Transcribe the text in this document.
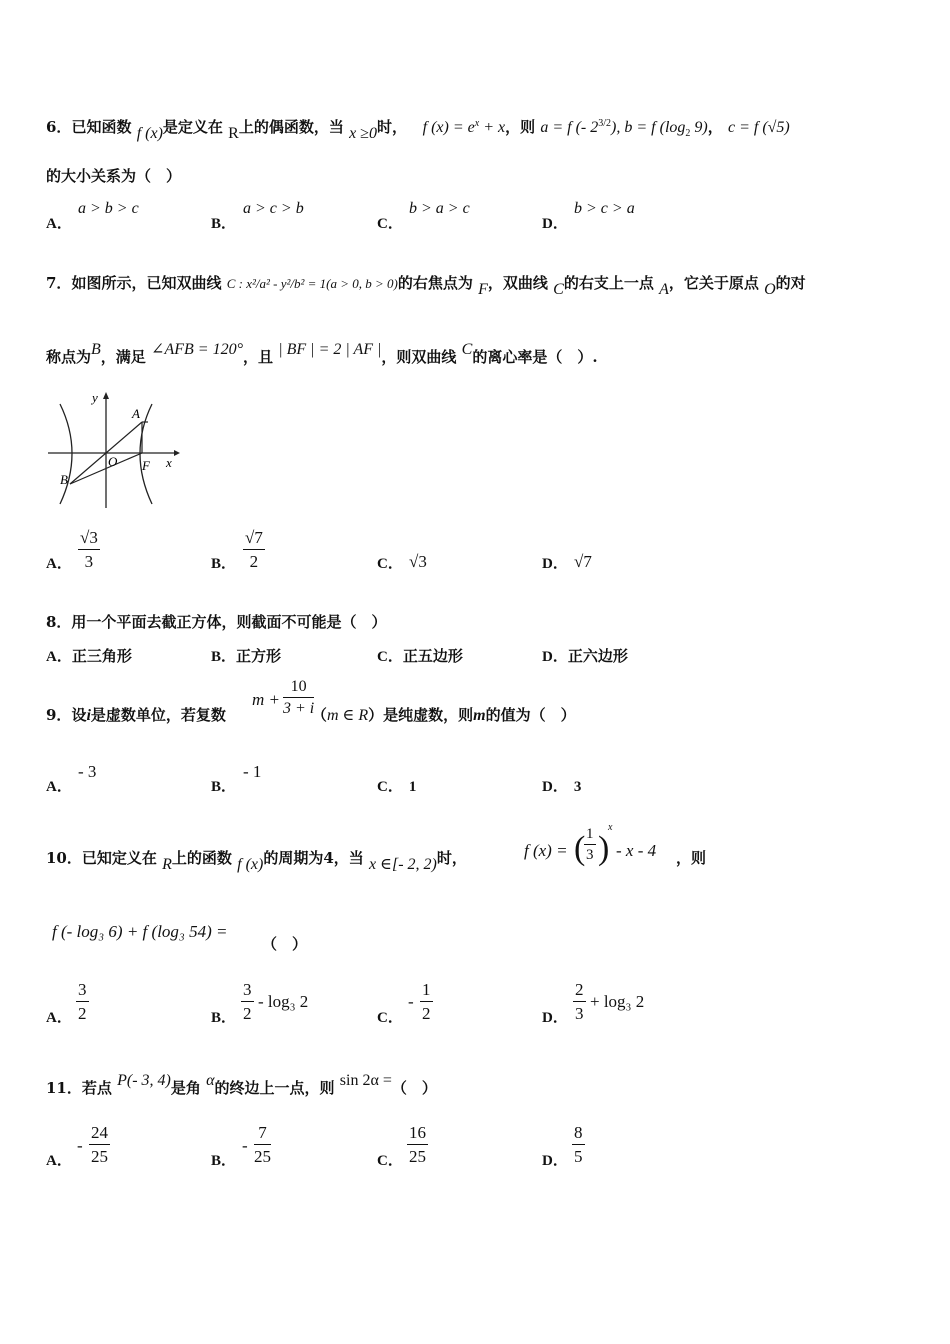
6．已知函数 f (x)是定义在 R上的偶函数，当 x ≥0时， f $(x) = e^x + x$，则 a = f (- $2^{3/2}$), b = f ($\log_2$ 9)， c = f (√5)
的大小关系为（　）
A．
a > b > c
B．
a > c > b
C．
b > a > c
D．
b > c > a
7．如图所示，已知双曲线 C : x²/a² - y²/b² = 1(a > 0, b > 0)的右焦点为 F，双曲线 C的右支上一点 A，它关于原点 O的对
称点为B，满足 ∠AFB = 120°，且 | BF | = 2 | AF |，则双曲线 C的离心率是（　）.
y
A
O F x
B
A． $\frac{√3}{3}$	B． $\frac{√7}{2}$	C． √3	D． √7
8．用一个平面去截正方体，则截面不可能是（　）
A．正三角形	B．正方形	C．正五边形	D．正六边形
9．设i是虚数单位，若复数	（m ∈ R）是纯虚数，则m的值为（　）
$m + \frac{10}{3 + i}$
A．
- 3
B．
- 1
C． 1	D． 3
10．已知定义在 R上的函数 f (x)的周期为4，当 x ∈[- 2, 2)时，	f (x) = (
$\frac{1}{3}$ )
x
- x - 4 ，则
f (- log₃ 6) + f (log₃ 54) =
（　）
A． $\frac{3}{2}$	B． $\frac{3}{2} - \log_3$ 2
C．
- $\frac{1}{2}$	D． $\frac{2}{3} + \log_3$ 2
11．若点 P(- 3, 4)是角 α的终边上一点，则 sin 2α =（　）
A．
- $\frac{24}{25}$	B．
- $\frac{7}{25}$	C． $\frac{16}{25}$	D． $\frac{8}{5}$
